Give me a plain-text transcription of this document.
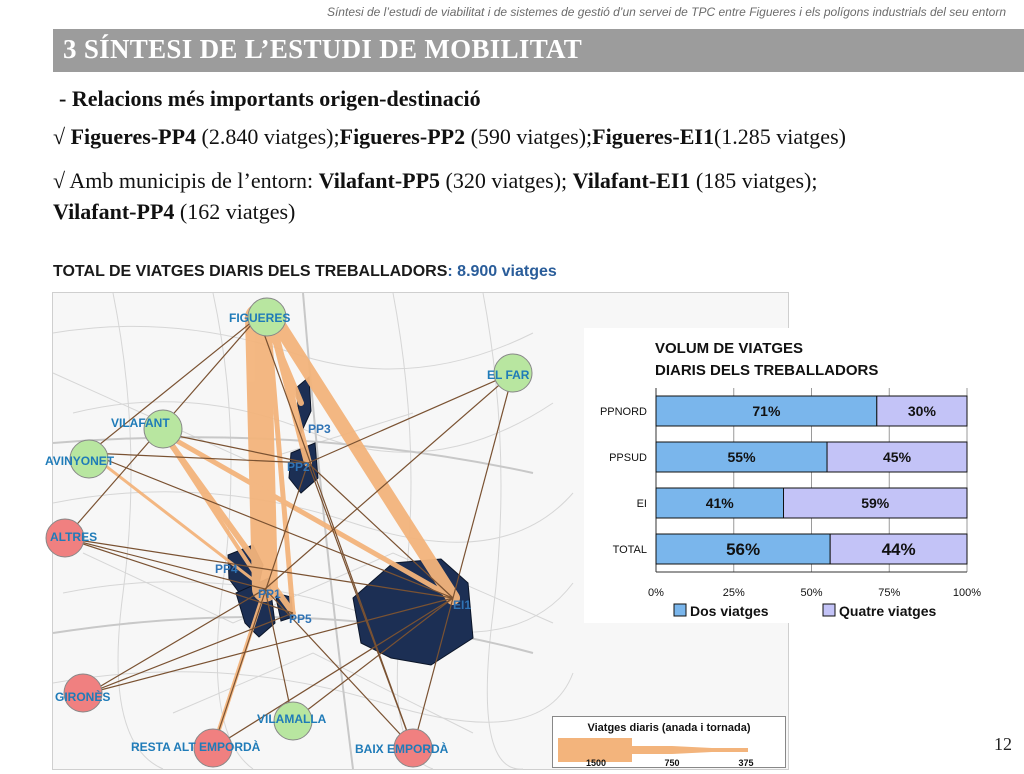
Síntesi de l’estudi de viabilitat i de sistemes de gestió d’un servei de TPC entre Figueres i els polígons industrials del seu entorn
3 SÍNTESI DE L’ESTUDI DE MOBILITAT
- Relacions més importants origen-destinació
√ Figueres-PP4 (2.840 viatges);Figueres-PP2 (590 viatges);Figueres-EI1(1.285 viatges)
√ Amb municipis de l’entorn: Vilafant-PP5 (320 viatges); Vilafant-EI1 (185 viatges);
Vilafant-PP4 (162 viatges)
TOTAL DE VIATGES DIARIS DELS TREBALLADORS: 8.900 viatges
FIGUERES
EL FAR
VILAFANT
AVINYONET
ALTRES
GIRONÈS
VILAMALLA
RESTA ALT EMPORDÀ	BAIX EMPORDÀ
PP1
PP2
PP3
PP4
PP5
EI1
VOLUM DE VIATGES
DIARIS DELS TREBALLADORS
71%	30%
55%	45%
41%	59%
56%	44%
0%	25%	50%	75%	100%
PPNORD
PPSUD
EI
TOTAL
Dos viatges	Quatre viatges
Viatges diaris (anada i tornada)
1500	750	375
12
